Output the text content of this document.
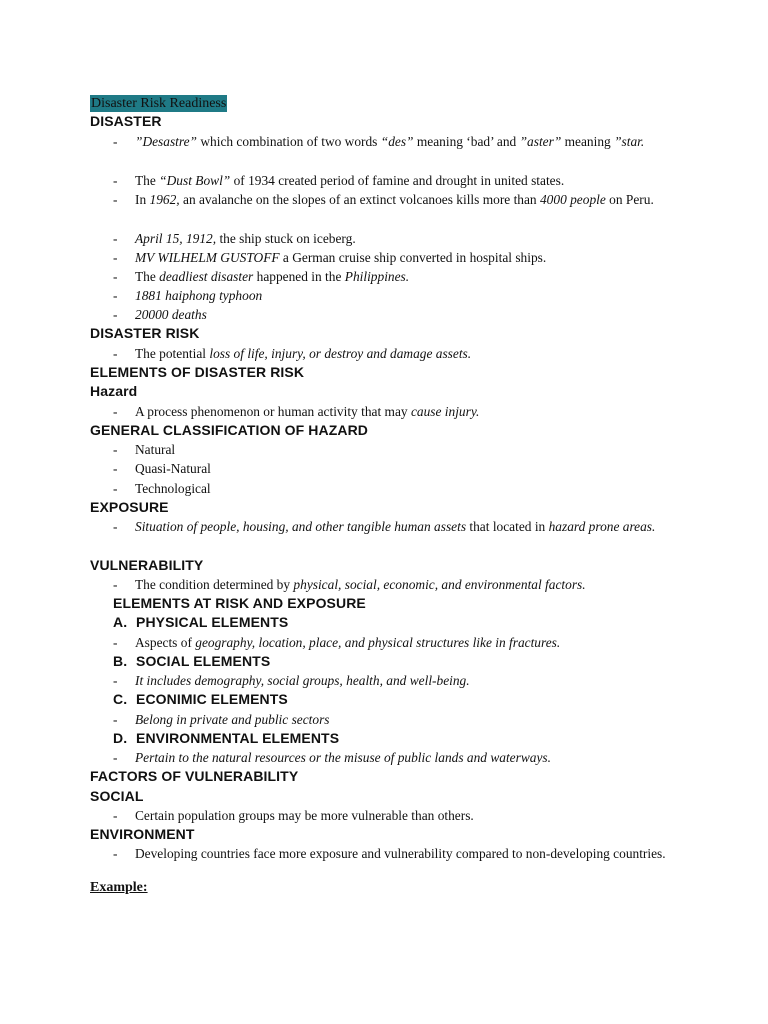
Disaster Risk Readiness
DISASTER
- ”Desastre” which combination of two words “des” meaning ‘bad’ and ”aster” meaning ”star.
- The “Dust Bowl” of 1934 created period of famine and drought in united states.
- In 1962, an avalanche on the slopes of an extinct volcanoes kills more than 4000 people on Peru.
- April 15, 1912, the ship stuck on iceberg.
- MV WILHELM GUSTOFF a German cruise ship converted in hospital ships.
- The deadliest disaster happened in the Philippines.
- 1881 haiphong typhoon
- 20000 deaths
DISASTER RISK
- The potential loss of life, injury, or destroy and damage assets.
ELEMENTS OF DISASTER RISK
Hazard
- A process phenomenon or human activity that may cause injury.
GENERAL CLASSIFICATION OF HAZARD
- Natural
- Quasi-Natural
- Technological
EXPOSURE
- Situation of people, housing, and other tangible human assets that located in hazard prone areas.
VULNERABILITY
- The condition determined by physical, social, economic, and environmental factors.
ELEMENTS AT RISK AND EXPOSURE
A. PHYSICAL ELEMENTS
- Aspects of geography, location, place, and physical structures like in fractures.
B. SOCIAL ELEMENTS
- It includes demography, social groups, health, and well-being.
C. ECONIMIC ELEMENTS
- Belong in private and public sectors
D. ENVIRONMENTAL ELEMENTS
- Pertain to the natural resources or the misuse of public lands and waterways.
FACTORS OF VULNERABILITY
SOCIAL
- Certain population groups may be more vulnerable than others.
ENVIRONMENT
- Developing countries face more exposure and vulnerability compared to non-developing countries.
Example:
